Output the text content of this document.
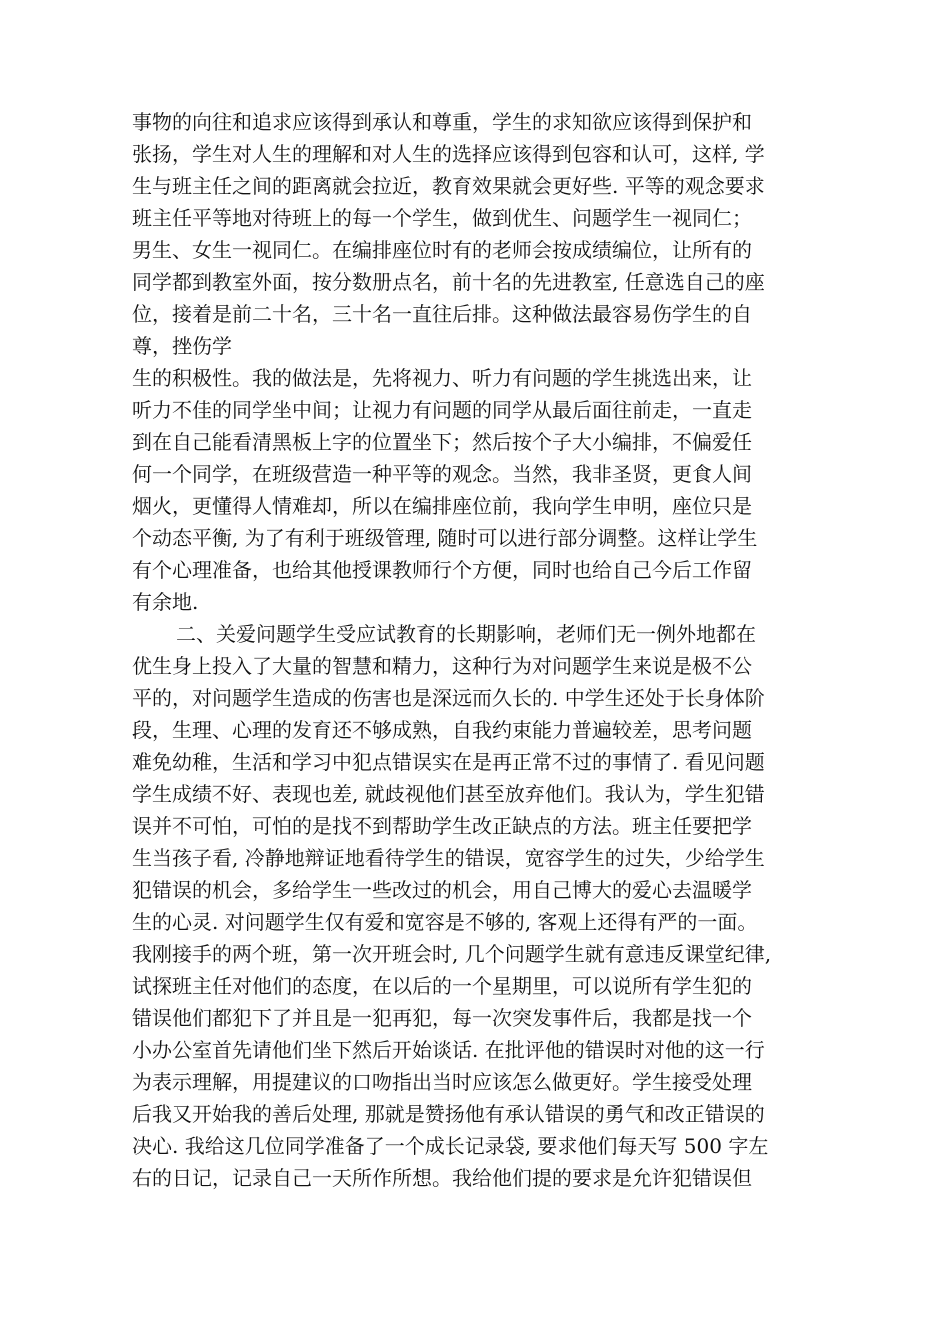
事物的向往和追求应该得到承认和尊重，学生的求知欲应该得到保护和
张扬，学生对人生的理解和对人生的选择应该得到包容和认可，这样, 学
生与班主任之间的距离就会拉近，教育效果就会更好些. 平等的观念要求
班主任平等地对待班上的每一个学生，做到优生、问题学生一视同仁；
男生、女生一视同仁。在编排座位时有的老师会按成绩编位，让所有的
同学都到教室外面，按分数册点名，前十名的先进教室, 任意选自己的座
位，接着是前二十名，三十名一直往后排。这种做法最容易伤学生的自
尊，挫伤学
生的积极性。我的做法是，先将视力、听力有问题的学生挑选出来，让
听力不佳的同学坐中间；让视力有问题的同学从最后面往前走，一直走
到在自己能看清黑板上字的位置坐下；然后按个子大小编排，不偏爱任
何一个同学，在班级营造一种平等的观念。当然，我非圣贤，更食人间
烟火，更懂得人情难却，所以在编排座位前，我向学生申明，座位只是
个动态平衡, 为了有利于班级管理, 随时可以进行部分调整。这样让学生
有个心理准备，也给其他授课教师行个方便，同时也给自己今后工作留
有余地.
二、关爱问题学生受应试教育的长期影响，老师们无一例外地都在
优生身上投入了大量的智慧和精力，这种行为对问题学生来说是极不公
平的，对问题学生造成的伤害也是深远而久长的. 中学生还处于长身体阶
段，生理、心理的发育还不够成熟，自我约束能力普遍较差，思考问题
难免幼稚，生活和学习中犯点错误实在是再正常不过的事情了. 看见问题
学生成绩不好、表现也差, 就歧视他们甚至放弃他们。我认为，学生犯错
误并不可怕，可怕的是找不到帮助学生改正缺点的方法。班主任要把学
生当孩子看, 冷静地辩证地看待学生的错误，宽容学生的过失，少给学生
犯错误的机会，多给学生一些改过的机会，用自己博大的爱心去温暖学
生的心灵. 对问题学生仅有爱和宽容是不够的, 客观上还得有严的一面。
我刚接手的两个班，第一次开班会时, 几个问题学生就有意违反课堂纪律,
试探班主任对他们的态度，在以后的一个星期里，可以说所有学生犯的
错误他们都犯下了并且是一犯再犯，每一次突发事件后，我都是找一个
小办公室首先请他们坐下然后开始谈话. 在批评他的错误时对他的这一行
为表示理解，用提建议的口吻指出当时应该怎么做更好。学生接受处理
后我又开始我的善后处理, 那就是赞扬他有承认错误的勇气和改正错误的
决心. 我给这几位同学准备了一个成长记录袋, 要求他们每天写 500 字左
右的日记，记录自己一天所作所想。我给他们提的要求是允许犯错误但
